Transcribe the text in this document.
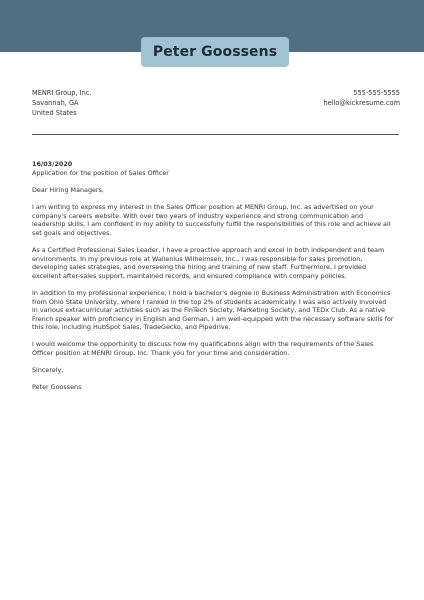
Peter Goossens
MENRI Group, Inc.
Savannah, GA
United States
555-555-5555
hello@kickresume.com

16/03/2020

Application for the position of Sales Officer

Dear Hiring Managers,

I am writing to express my interest in the Sales Officer position at MENRI Group, Inc. as advertised on your company's careers website. With over two years of industry experience and strong communication and leadership skills, I am confident in my ability to successfully fulfill the responsibilities of this role and achieve all set goals and objectives.

As a Certified Professional Sales Leader, I have a proactive approach and excel in both independent and team environments. In my previous role at Wallenius Wilhelmsen, Inc., I was responsible for sales promotion, developing sales strategies, and overseeing the hiring and training of new staff. Furthermore, I provided excellent after-sales support, maintained records, and ensured compliance with company policies.

In addition to my professional experience, I hold a bachelor's degree in Business Administration with Economics from Ohio State University, where I ranked in the top 2% of students academically. I was also actively involved in various extracurricular activities such as the FinTech Society, Marketing Society, and TEDx Club. As a native French speaker with proficiency in English and German, I am well-equipped with the necessary software skills for this role, including HubSpot Sales, TradeGecko, and Pipedrive.

I would welcome the opportunity to discuss how my qualifications align with the requirements of the Sales Officer position at MENRI Group, Inc. Thank you for your time and consideration.

Sincerely,

Peter Goossens
